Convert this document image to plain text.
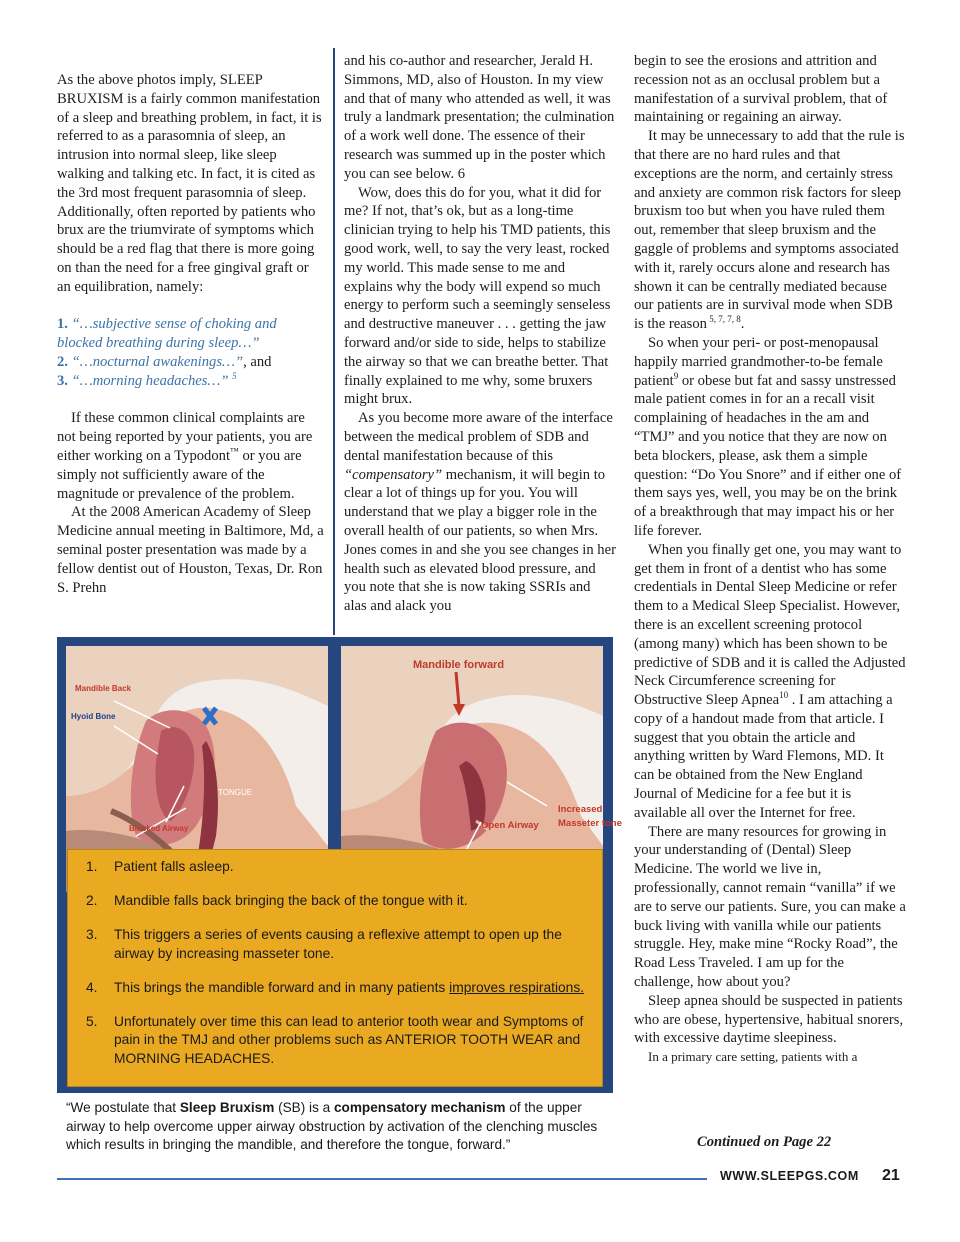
As the above photos imply, SLEEP BRUXISM is a fairly common manifestation of a sleep and breathing problem, in fact, it is referred to as a parasomnia of sleep, an intrusion into normal sleep, like sleep walking and talking etc. In fact, it is cited as the 3rd most frequent parasomnia of sleep. Additionally, often reported by patients who brux are the triumvirate of symptoms which should be a red flag that there is more going on than the need for a free gingival graft or an equilibration, namely:

1. “…subjective sense of choking and blocked breathing during sleep…”

2. “…nocturnal awakenings…”, and

3. “…morning headaches…” $^5$

If these common clinical complaints are not being reported by your patients, you are either working on a Typodont™ or you are simply not sufficiently aware of the magnitude or prevalence of the problem.

At the 2008 American Academy of Sleep Medicine annual meeting in Baltimore, Md, a seminal poster presentation was made by a fellow dentist out of Houston, Texas, Dr. Ron S. Prehn

and his co-author and researcher, Jerald H. Simmons, MD, also of Houston. In my view and that of many who attended as well, it was truly a landmark presentation; the culmination of a work well done. The essence of their research was summed up in the poster which you can see below. 6

Wow, does this do for you, what it did for me? If not, that’s ok, but as a long-time clinician trying to help his TMD patients, this good work, well, to say the very least, rocked my world. This made sense to me and explains why the body will expend so much energy to perform such a seemingly senseless and destructive maneuver . . . getting the jaw forward and/or side to side, helps to stabilize the airway so that we can breathe better. That finally explained to me why, some bruxers might brux.

As you become more aware of the interface between the medical problem of SDB and dental manifestation because of this “compensatory” mechanism, it will begin to clear a lot of things up for you. You will understand that we play a bigger role in the overall health of our patients, so when Mrs. Jones comes in and she you see changes in her health such as elevated blood pressure, and you note that she is now taking SSRIs and alas and alack you

begin to see the erosions and attrition and recession not as an occlusal problem but a manifestation of a survival problem, that of maintaining or regaining an airway.

It may be unnecessary to add that the rule is that there are no hard rules and that exceptions are the norm, and certainly stress and anxiety are common risk factors for sleep bruxism too but when you have ruled them out, remember that sleep bruxism and the gaggle of problems and symptoms associated with it, rarely occurs alone and research has shown it can be centrally mediated because our patients are in survival mode when SDB is the reason $^{5, 7, 7, 8}$.

So when your peri- or post-menopausal happily married grandmother-to-be female patient$^9$ or obese but fat and sassy unstressed male patient comes in for an a recall visit complaining of headaches in the am and “TMJ” and you notice that they are now on beta blockers, please, ask them a simple question: “Do You Snore” and if either one of them says yes, well, you may be on the brink of a breakthrough that may impact his or her life forever.

When you finally get one, you may want to get them in front of a dentist who has some credentials in Dental Sleep Medicine or refer them to a Medical Sleep Specialist. However, there is an excellent screening protocol (among many) which has been shown to be predictive of SDB and it is called the Adjusted Neck Circumference screening for Obstructive Sleep Apnea$^{10}$ . I am attaching a copy of a handout made from that article. I suggest that you obtain the article and anything written by Ward Flemons, MD. It can be obtained from the New England Journal of Medicine for a fee but it is available all over the Internet for free.

There are many resources for growing in your understanding of (Dental) Sleep Medicine. The world we live in, professionally, cannot remain “vanilla” if we are to serve our patients. Sure, you can make a buck living with vanilla while our patients struggle. Hey, make mine “Rocky Road”, the Road Less Traveled. I am up for the challenge, how about you?

Sleep apnea should be suspected in patients who are obese, hypertensive, habitual snorers, with excessive daytime sleepiness.

In a primary care setting, patients with a

Mandible Back
Hyoid Bone
TONGUE
Blocked Airway
Mandible forward
Open Airway
Increased
Masseter tone
1.	Patient falls asleep.
2.	Mandible falls back bringing the back of the tongue with it.
3.	This triggers a series of events causing a reflexive attempt to open up the airway by increasing masseter tone.
4.	This brings the mandible forward and in many patients improves respirations.
5.	Unfortunately over time this can lead to anterior tooth wear and Symptoms of pain in the TMJ and other problems such as ANTERIOR TOOTH WEAR and MORNING HEADACHES.
“We postulate that Sleep Bruxism (SB) is a compensatory mechanism of the upper airway to help overcome upper airway obstruction by activation of the clenching muscles which results in bringing the mandible, and therefore the tongue, forward.”	Continued on Page 22
WWW.SLEEPGS.COM 21
